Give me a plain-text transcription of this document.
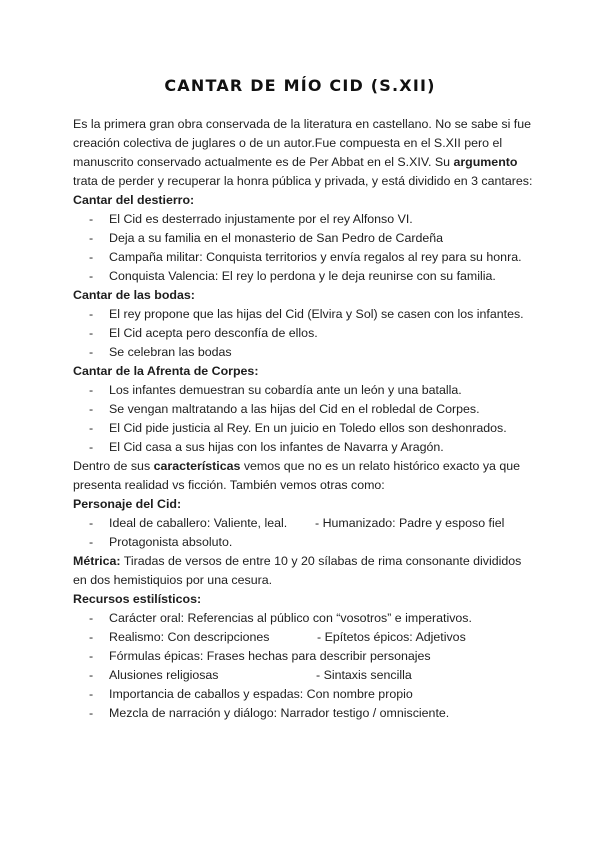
CANTAR DE MÍO CID (S.XII)

Es la primera gran obra conservada de la literatura en castellano. No se sabe si fue creación colectiva de juglares o de un autor.Fue compuesta en el S.XII pero el manuscrito conservado actualmente es de Per Abbat en el S.XIV. Su argumento trata de perder y recuperar la honra pública y privada, y está dividido en 3 cantares:

Cantar del destierro:

- El Cid es desterrado injustamente por el rey Alfonso VI.
- Deja a su familia en el monasterio de San Pedro de Cardeña
- Campaña militar: Conquista territorios y envía regalos al rey para su honra.
- Conquista Valencia: El rey lo perdona y le deja reunirse con su familia.

Cantar de las bodas:

- El rey propone que las hijas del Cid (Elvira y Sol) se casen con los infantes.
- El Cid acepta pero desconfía de ellos.
- Se celebran las bodas

Cantar de la Afrenta de Corpes:

- Los infantes demuestran su cobardía ante un león y una batalla.
- Se vengan maltratando a las hijas del Cid en el robledal de Corpes.
- El Cid pide justicia al Rey. En un juicio en Toledo ellos son deshonrados.
- El Cid casa a sus hijas con los infantes de Navarra y Aragón.

Dentro de sus características vemos que no es un relato histórico exacto ya que presenta realidad vs ficción. También vemos otras como:

Personaje del Cid:

- Ideal de caballero: Valiente, leal. - Humanizado: Padre y esposo fiel
- Protagonista absoluto.

Métrica: Tiradas de versos de entre 10 y 20 sílabas de rima consonante divididos en dos hemistiquios por una cesura.

Recursos estilísticos:

- Carácter oral: Referencias al público con “vosotros” e imperativos.
- Realismo: Con descripciones	- Epítetos épicos: Adjetivos
- Fórmulas épicas: Frases hechas para describir personajes
- Alusiones religiosas	- Sintaxis sencilla
- Importancia de caballos y espadas: Con nombre propio
- Mezcla de narración y diálogo: Narrador testigo / omnisciente.
